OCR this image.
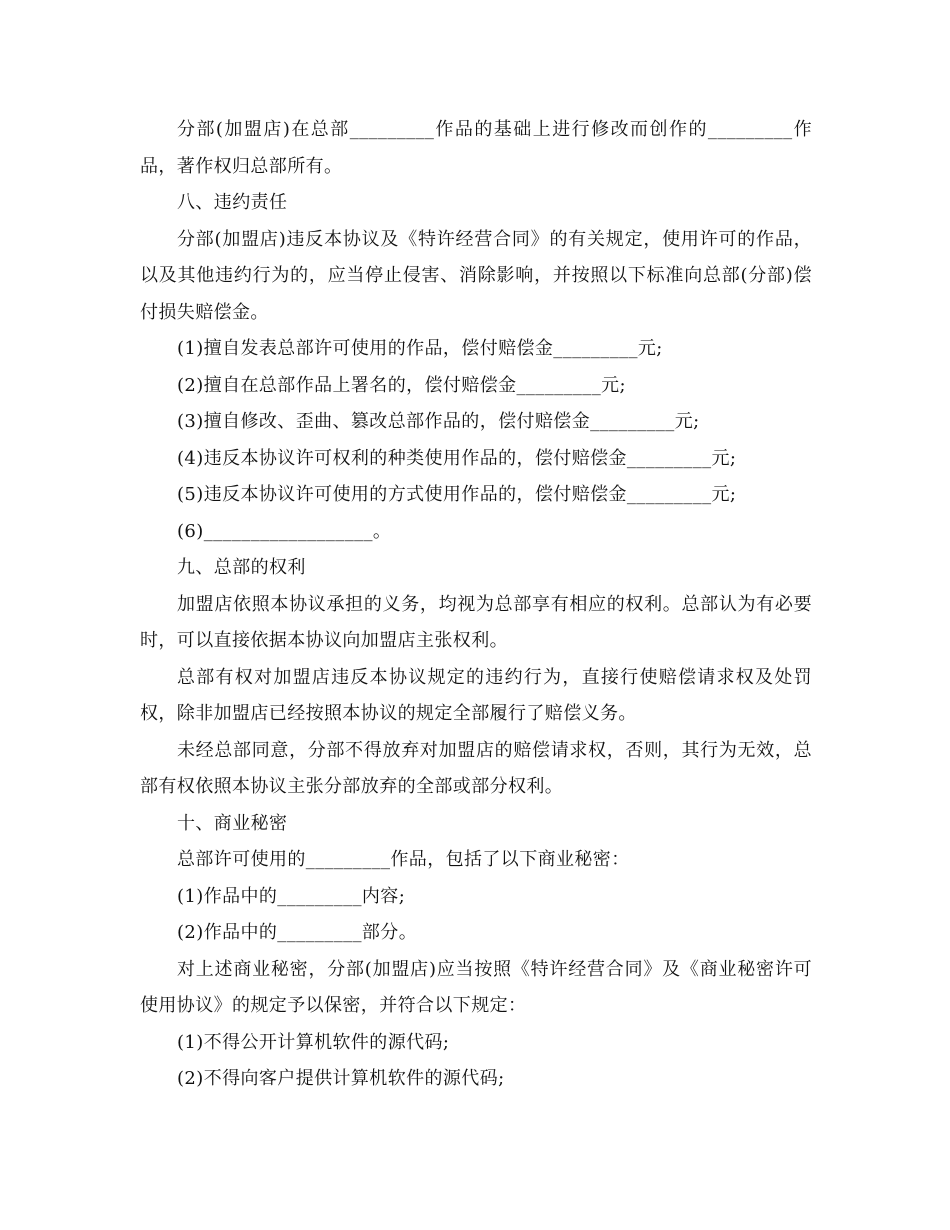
分部(加盟店)在总部_________作品的基础上进行修改而创作的_________作品，著作权归总部所有。

八、违约责任

分部(加盟店)违反本协议及《特许经营合同》的有关规定，使用许可的作品，以及其他违约行为的，应当停止侵害、消除影响，并按照以下标准向总部(分部)偿付损失赔偿金。

(1)擅自发表总部许可使用的作品，偿付赔偿金_________元;

(2)擅自在总部作品上署名的，偿付赔偿金_________元;

(3)擅自修改、歪曲、篡改总部作品的，偿付赔偿金_________元;

(4)违反本协议许可权利的种类使用作品的，偿付赔偿金_________元;

(5)违反本协议许可使用的方式使用作品的，偿付赔偿金_________元;

(6)__________________。

九、总部的权利

加盟店依照本协议承担的义务，均视为总部享有相应的权利。总部认为有必要时，可以直接依据本协议向加盟店主张权利。

总部有权对加盟店违反本协议规定的违约行为，直接行使赔偿请求权及处罚权，除非加盟店已经按照本协议的规定全部履行了赔偿义务。

未经总部同意，分部不得放弃对加盟店的赔偿请求权，否则，其行为无效，总部有权依照本协议主张分部放弃的全部或部分权利。

十、商业秘密

总部许可使用的_________作品，包括了以下商业秘密：

(1)作品中的_________内容;

(2)作品中的_________部分。

对上述商业秘密，分部(加盟店)应当按照《特许经营合同》及《商业秘密许可使用协议》的规定予以保密，并符合以下规定：

(1)不得公开计算机软件的源代码;

(2)不得向客户提供计算机软件的源代码;
